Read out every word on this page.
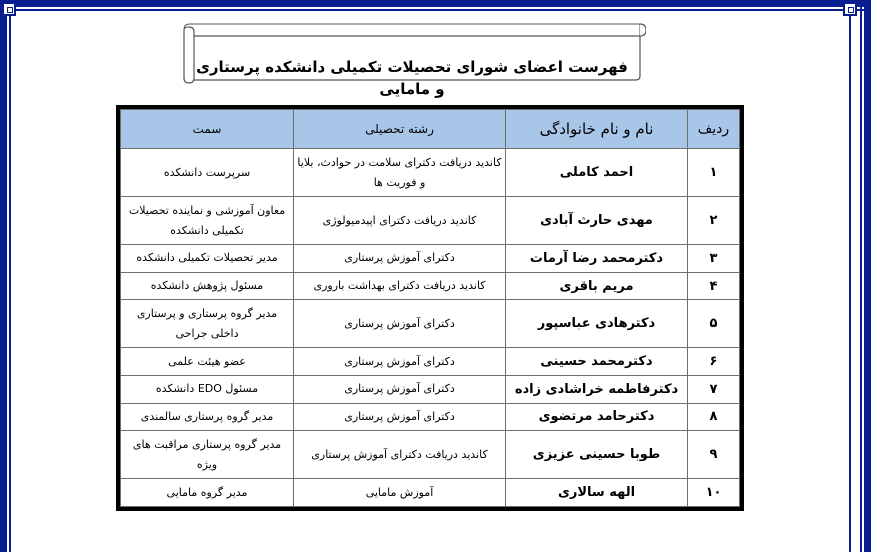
فهرست اعضای شورای تحصیلات تکمیلی دانشکده پرستاری و مامایی
ردیف	نام و نام خانوادگی	رشته تحصیلی	سمت
۱	احمد کاملی	کاندید دریافت دکترای سلامت در حوادث، بلایا و فوریت ها	سرپرست دانشکده
۲	مهدی حارث آبادی	کاندید دریافت دکترای اپیدمیولوژی	معاون آموزشی و نماینده تحصیلات تکمیلی دانشکده
۳	دکترمحمد رضا آرمات	دکترای آموزش پرستاری	مدیر تحصیلات تکمیلی دانشکده
۴	مریم باقری	کاندید دریافت دکترای بهداشت باروری	مسئول پژوهش دانشکده
۵	دکترهادی عباسپور	دکترای آموزش پرستاری	مدیر گروه پرستاری و پرستاری داخلی جراحی
۶	دکترمحمد حسینی	دکترای آموزش پرستاری	عضو هیئت علمی
۷	دکترفاطمه خراشادی زاده	دکترای آموزش پرستاری	مسئول EDO دانشکده
۸	دکترحامد مرتضوی	دکترای آموزش پرستاری	مدیر گروه پرستاری سالمندی
۹	طوبا حسینی عزیزی	کاندید دریافت دکترای آموزش پرستاری	مدیر گروه پرستاری مراقبت های ویژه
۱۰	الهه سالاری	آموزش مامایی	مدیر گروه مامایی
